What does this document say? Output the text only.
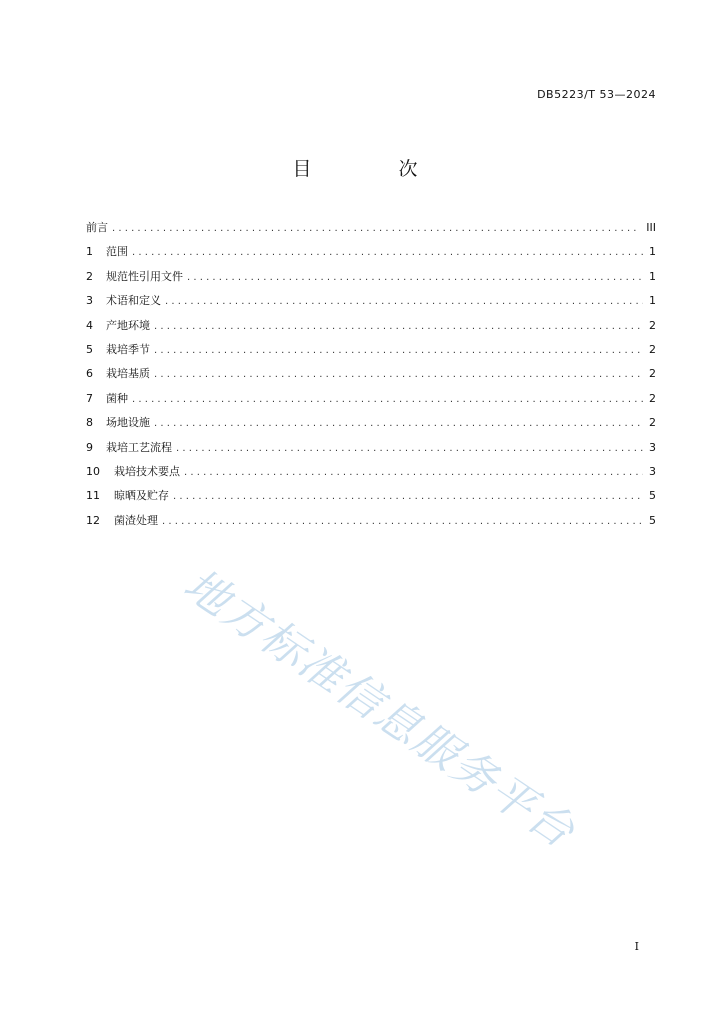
DB5223/T 53—2024
目　次
前言 . . .	III
1	范围 . . .	1
2	规范性引用文件 . . .	1
3	术语和定义 . . .	1
4	产地环境 . . .	2
5	栽培季节 . . .	2
6	栽培基质 . . .	2
7	菌种 . . .	2
8	场地设施 . . .	2
9	栽培工艺流程 . . .	3
10	栽培技术要点 . . .	3
11	晾晒及贮存 . . .	5
12	菌渣处理 . . .	5
地方标准信息服务平台
I
